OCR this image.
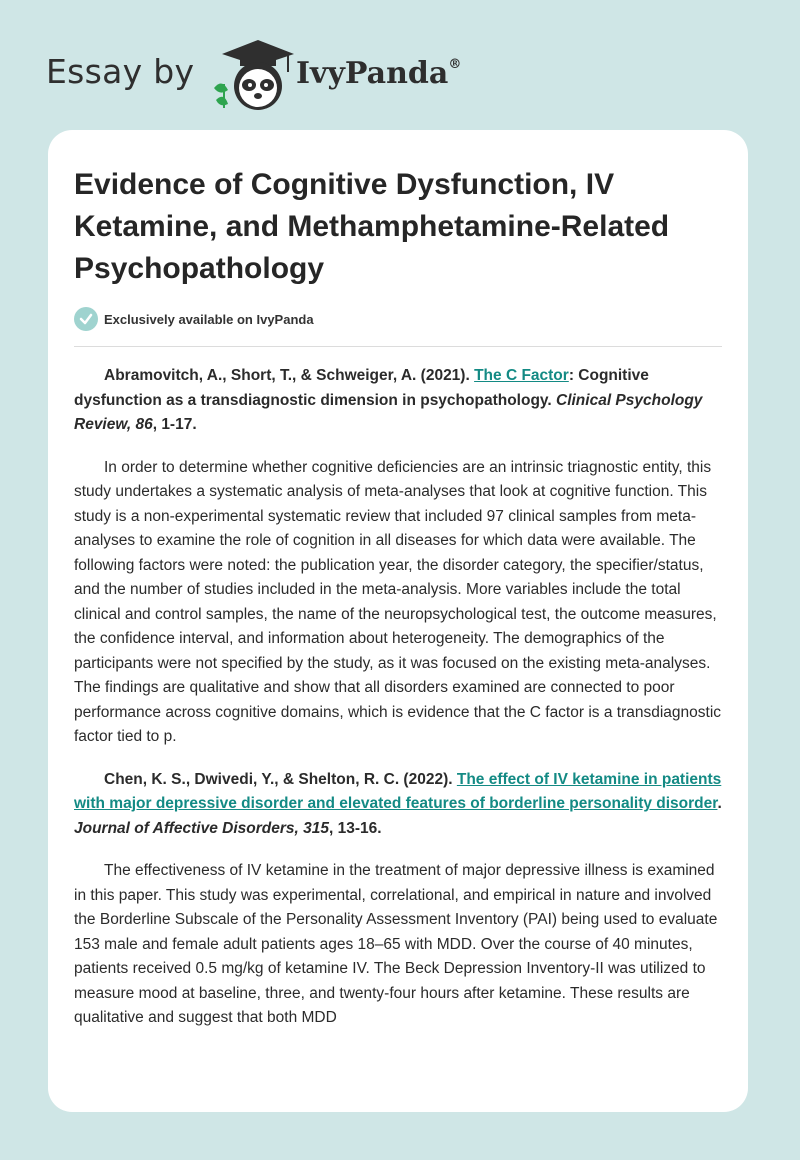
Essay by	IvyPanda®
Evidence of Cognitive Dysfunction, IV Ketamine, and Methamphetamine-Related Psychopathology
Exclusively available on IvyPanda

Abramovitch, A., Short, T., & Schweiger, A. (2021). The C Factor: Cognitive dysfunction as a transdiagnostic dimension in psychopathology. Clinical Psychology Review, 86, 1-17.

In order to determine whether cognitive deficiencies are an intrinsic triagnostic entity, this study undertakes a systematic analysis of meta-analyses that look at cognitive function. This study is a non-experimental systematic review that included 97 clinical samples from meta-analyses to examine the role of cognition in all diseases for which data were available. The following factors were noted: the publication year, the disorder category, the specifier/status, and the number of studies included in the meta-analysis. More variables include the total clinical and control samples, the name of the neuropsychological test, the outcome measures, the confidence interval, and information about heterogeneity. The demographics of the participants were not specified by the study, as it was focused on the existing meta-analyses. The findings are qualitative and show that all disorders examined are connected to poor performance across cognitive domains, which is evidence that the C factor is a transdiagnostic factor tied to p.

Chen, K. S., Dwivedi, Y., & Shelton, R. C. (2022). The effect of IV ketamine in patients with major depressive disorder and elevated features of borderline personality disorder. Journal of Affective Disorders, 315, 13-16.

The effectiveness of IV ketamine in the treatment of major depressive illness is examined in this paper. This study was experimental, correlational, and empirical in nature and involved the Borderline Subscale of the Personality Assessment Inventory (PAI) being used to evaluate 153 male and female adult patients ages 18–65 with MDD. Over the course of 40 minutes, patients received 0.5 mg/kg of ketamine IV. The Beck Depression Inventory-II was utilized to measure mood at baseline, three, and twenty-four hours after ketamine. These results are qualitative and suggest that both MDD
